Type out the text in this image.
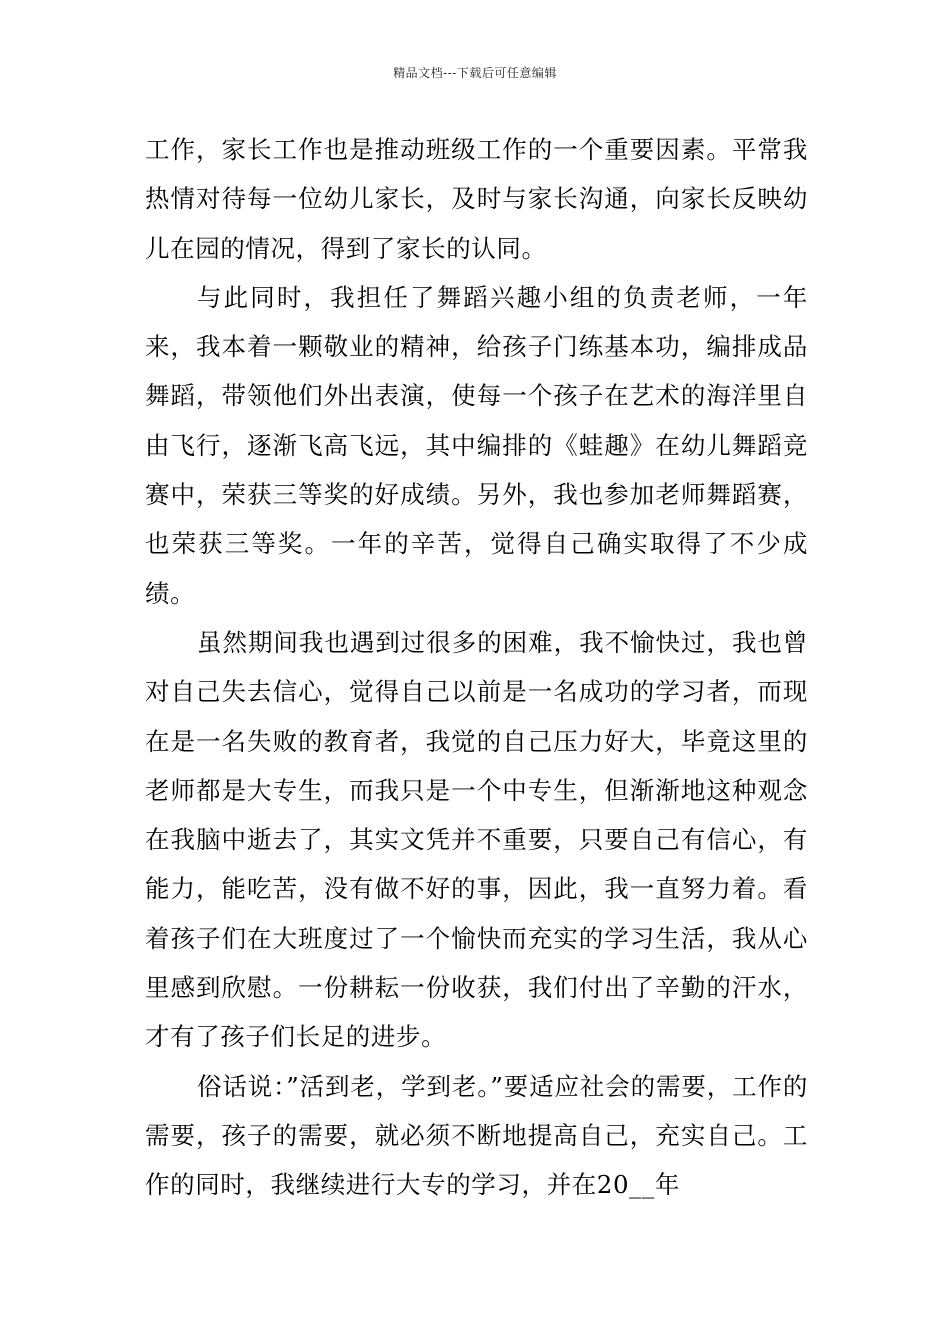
精品文档---下载后可任意编辑

工作，家长工作也是推动班级工作的一个重要因素。平常我热情对待每一位幼儿家长，及时与家长沟通，向家长反映幼儿在园的情况，得到了家长的认同。

与此同时，我担任了舞蹈兴趣小组的负责老师，一年来，我本着一颗敬业的精神，给孩子门练基本功，编排成品舞蹈，带领他们外出表演，使每一个孩子在艺术的海洋里自由飞行，逐渐飞高飞远，其中编排的《蛙趣》在幼儿舞蹈竞赛中，荣获三等奖的好成绩。另外，我也参加老师舞蹈赛，也荣获三等奖。一年的辛苦，觉得自己确实取得了不少成绩。

虽然期间我也遇到过很多的困难，我不愉快过，我也曾对自己失去信心，觉得自己以前是一名成功的学习者，而现在是一名失败的教育者，我觉的自己压力好大，毕竟这里的老师都是大专生，而我只是一个中专生，但渐渐地这种观念在我脑中逝去了，其实文凭并不重要，只要自己有信心，有能力，能吃苦，没有做不好的事，因此，我一直努力着。看着孩子们在大班度过了一个愉快而充实的学习生活，我从心里感到欣慰。一份耕耘一份收获，我们付出了辛勤的汗水，才有了孩子们长足的进步。

俗话说：”活到老，学到老。”要适应社会的需要，工作的需要，孩子的需要，就必须不断地提高自己，充实自己。工作的同时，我继续进行大专的学习，并在20__年
